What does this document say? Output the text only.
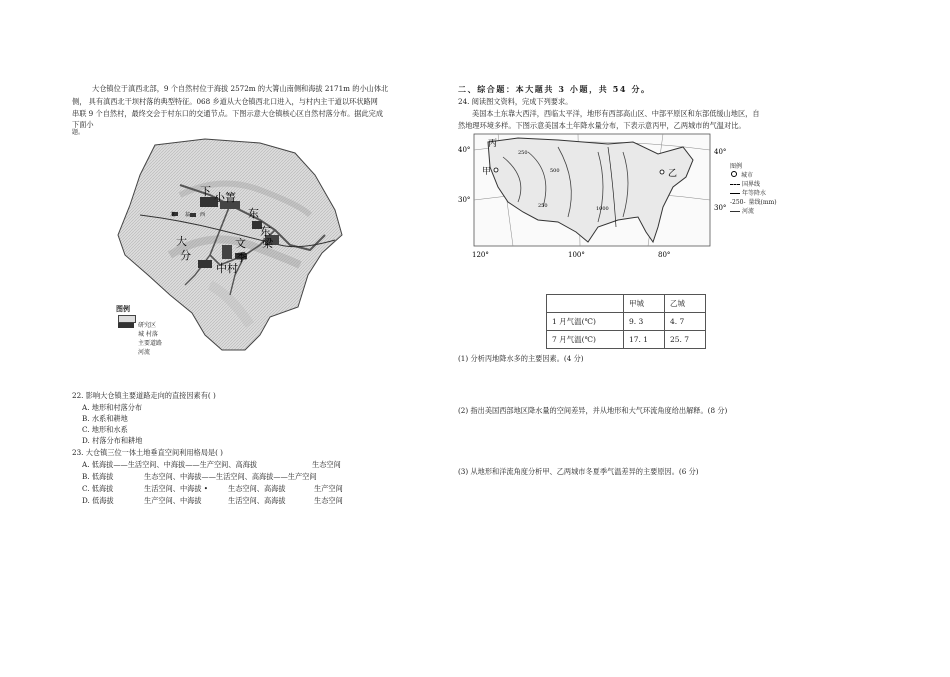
大仓镇位于滇西北部，9 个自然村位于海拔 2572m 的大箐山南侧和海拔 2171m 的小山体北
侧， 具有滇西北干坝村落的典型特征。068 乡道从大仓镇西北口进入，与村内主干道以环状路网
串联 9 个自然村，最终交会于村东口的交通节点。下图示意大仓镇核心区自然村落分布。据此完成
下面小
题。
下 小箐
东
东
梁
大
分
文
季
中村
龙 翁 西
图例
研究区
城 村落
主要道路
河流
22. 影响大仓镇主要道路走向的直接因素有( )
A. 地形和村落分布
B. 水系和耕地
C. 地形和水系
D. 村落分布和耕地
23. 大仓镇三位一体土地垂直空间利用格局是( )
A. 低海拔——生活空间、中海拔——生产空间、高海拔	生态空间
B. 低海拔	生态空间、中海拔——生活空间、高海拔——生产空间
C. 低海拔	生活空间、中海拔 •	生态空间、高海拔	生产空间
D. 低海拔	生产空间、中海拔	生活空间、高海拔	生态空间
二、综合题：本大题共 3 小题，共 54 分。
24. 阅读图文资料，完成下列要求。
美国本土东靠大西洋，西临太平洋，地形有西部高山区、中部平原区和东部低缓山地区，自
然地理环境多样。下图示意美国本土年降水量分布，下表示意丙甲，乙两城市的气温对比。
40°
30°
40°
30°
120°	100°	80°
丙
甲	乙
250
500
1000
250
图例
城市
国界线
年等降水
-250- 量线(mm)
河流
	甲城	乙城
1 月气温(℃)	9. 3	4. 7
7 月气温(℃)	17. 1	25. 7
(1) 分析丙地降水多的主要因素。(4 分)
(2) 指出美国西部地区降水量的空间差异，并从地形和大气环流角度给出解释。(8 分)
(3) 从地形和洋流角度分析甲、乙两城市冬夏季气温差异的主要原因。(6 分)
